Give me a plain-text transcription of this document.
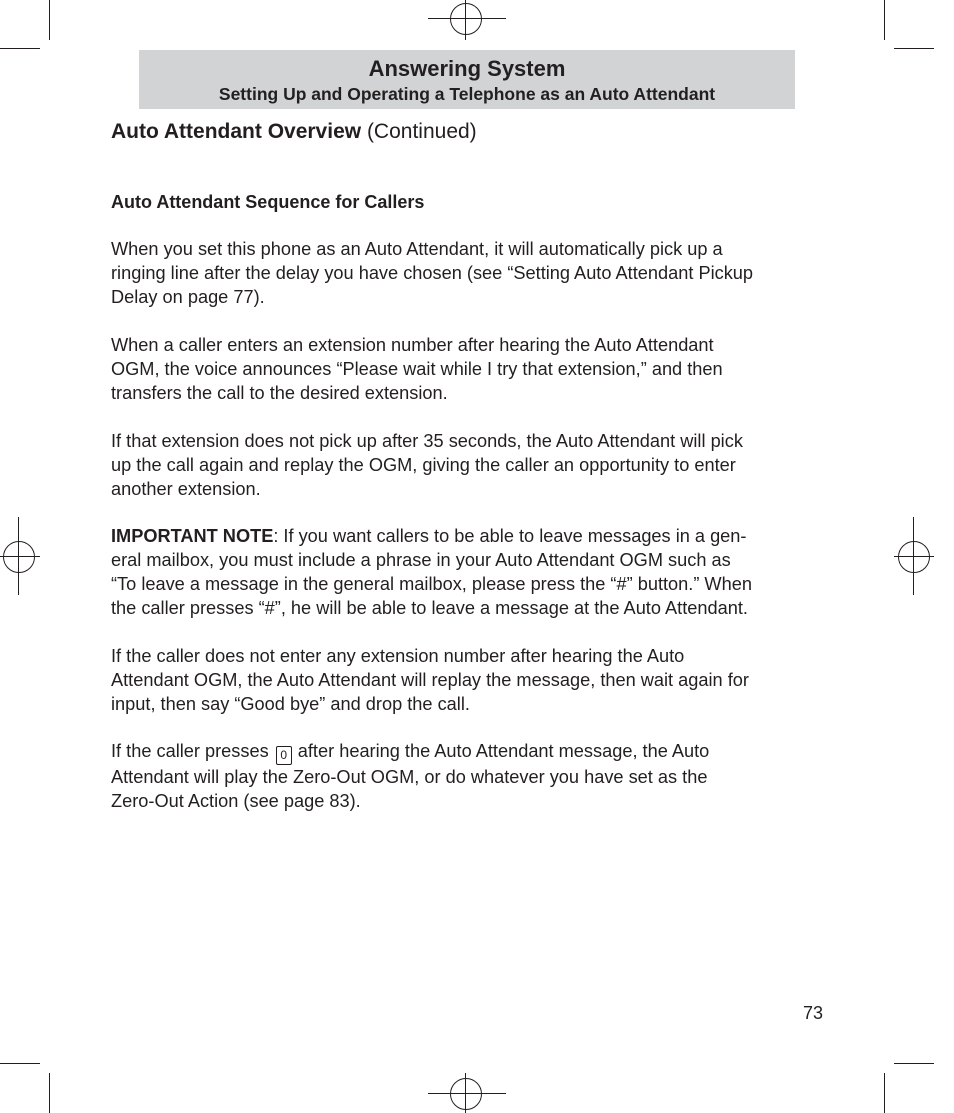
Answering System
Setting Up and Operating a Telephone as an Auto Attendant
Auto Attendant Overview (Continued)
Auto Attendant Sequence for Callers
When you set this phone as an Auto Attendant, it will automatically pick up a
ringing line after the delay you have chosen (see “Setting Auto Attendant Pickup
Delay on page 77).
When a caller enters an extension number after hearing the Auto Attendant
OGM, the voice announces “Please wait while I try that extension,” and then
transfers the call to the desired extension.
If that extension does not pick up after 35 seconds, the Auto Attendant will pick
up the call again and replay the OGM, giving the caller an opportunity to enter
another extension.
IMPORTANT NOTE: If you want callers to be able to leave messages in a gen-
eral mailbox, you must include a phrase in your Auto Attendant OGM such as
“To leave a message in the general mailbox, please press the “#” button.” When
the caller presses “#”, he will be able to leave a message at the Auto Attendant.
If the caller does not enter any extension number after hearing the Auto
Attendant OGM, the Auto Attendant will replay the message, then wait again for
input, then say “Good bye” and drop the call.
If the caller presses 0 after hearing the Auto Attendant message, the Auto
Attendant will play the Zero-Out OGM, or do whatever you have set as the
Zero-Out Action (see page 83).
73
